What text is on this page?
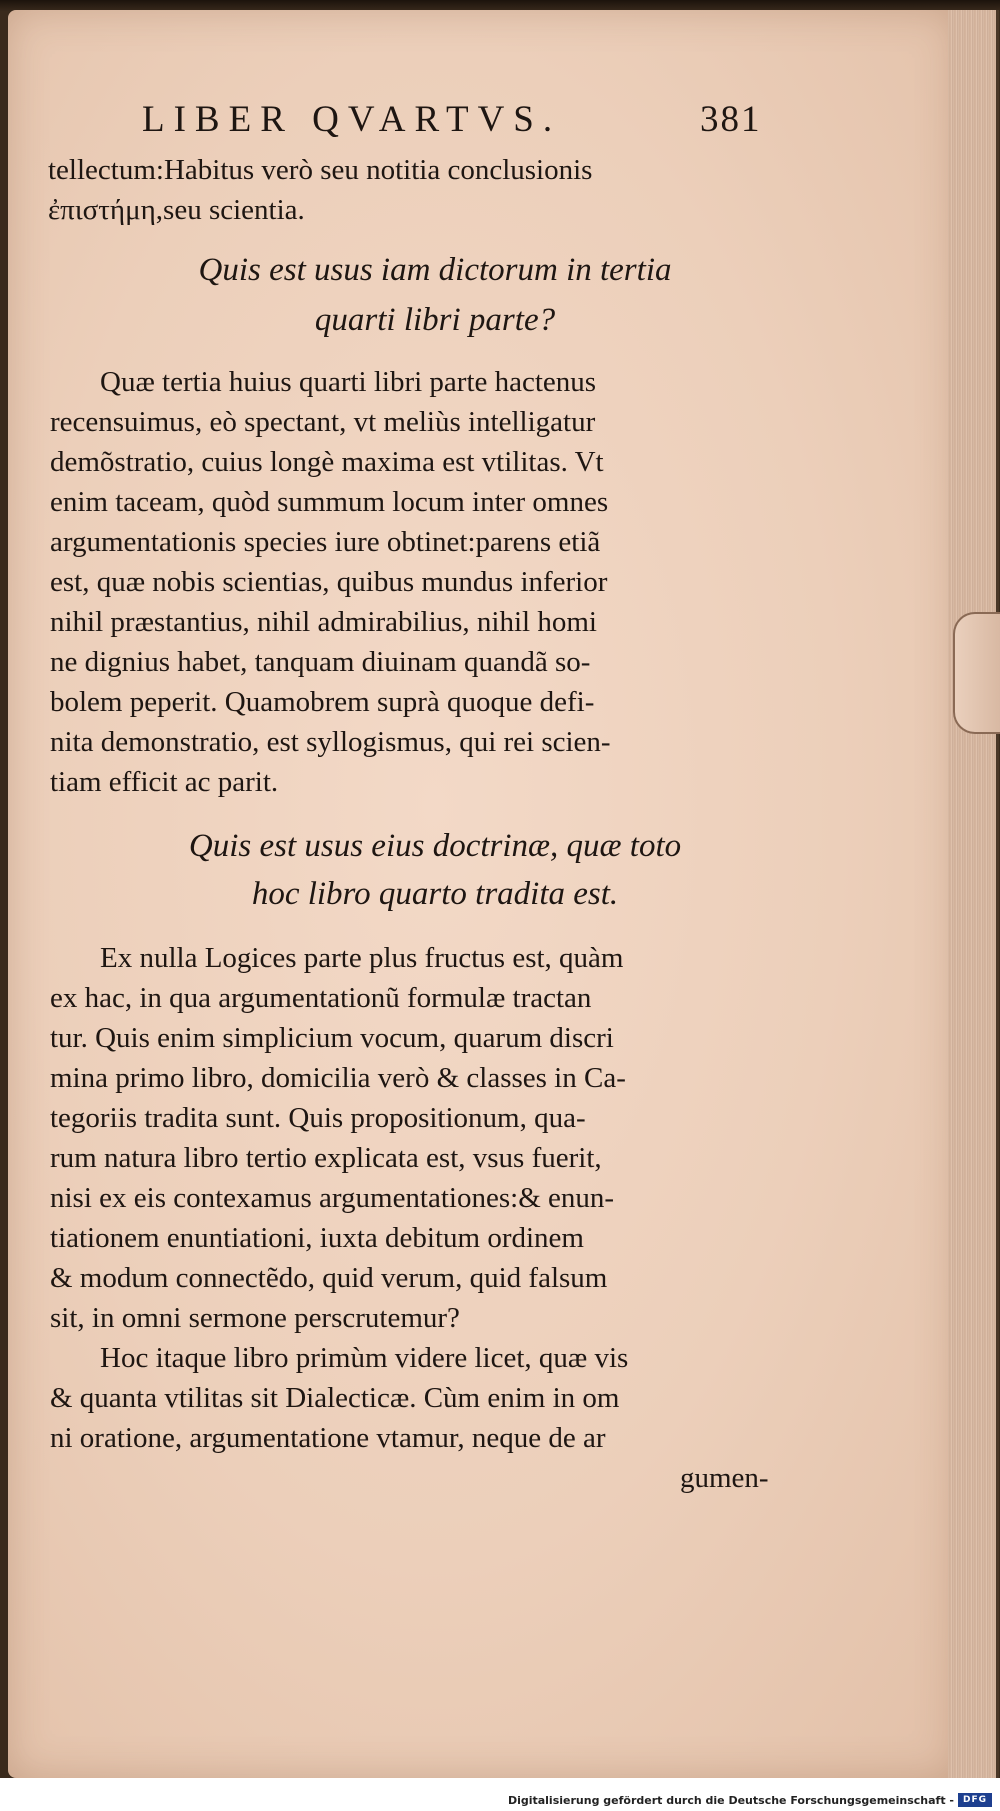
LIBER QVARTVS.	381
tellectum:Habitus verò seu notitia conclusionis
ἐπιστήμη,seu scientia.
Quis est usus iam dictorum in tertia
quarti libri parte?
Quæ tertia huius quarti libri parte hactenus
recensuimus, eò spectant, vt meliùs intelligatur
demõstratio, cuius longè maxima est vtilitas. Vt
enim taceam, quòd summum locum inter omnes
argumentationis species iure obtinet:parens etiã
est, quæ nobis scientias, quibus mundus inferior
nihil præstantius, nihil admirabilius, nihil homi
ne dignius habet, tanquam diuinam quandã so-
bolem peperit. Quamobrem suprà quoque defi-
nita demonstratio, est syllogismus, qui rei scien-
tiam efficit ac parit.
Quis est usus eius doctrinæ, quæ toto
hoc libro quarto tradita est.
Ex nulla Logices parte plus fructus est, quàm
ex hac, in qua argumentationũ formulæ tractan
tur. Quis enim simplicium vocum, quarum discri
mina primo libro, domicilia verò & classes in Ca-
tegoriis tradita sunt. Quis propositionum, qua-
rum natura libro tertio explicata est, vsus fuerit,
nisi ex eis contexamus argumentationes:& enun-
tiationem enuntiationi, iuxta debitum ordinem
& modum connectẽdo, quid verum, quid falsum
sit, in omni sermone perscrutemur?
Hoc itaque libro primùm videre licet, quæ vis
& quanta vtilitas sit Dialecticæ. Cùm enim in om
ni oratione, argumentatione vtamur, neque de ar
gumen-
Digitalisierung gefördert durch die Deutsche Forschungsgemeinschaft - DFG
